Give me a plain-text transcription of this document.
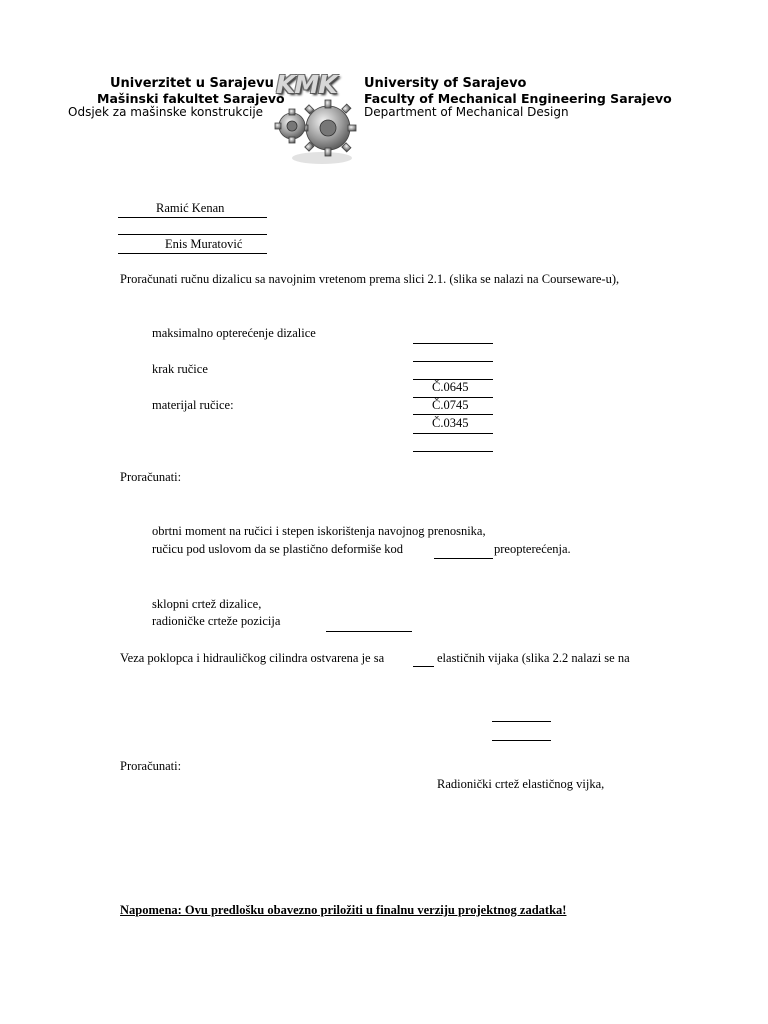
Univerzitet u Sarajevu
Mašinski fakultet Sarajevo
Odsjek za mašinske konstrukcije
KMK University of Sarajevo
Faculty of Mechanical Engineering Sarajevo
Department of Mechanical Design
Ramić Kenan
Enis Muratović
Proračunati ručnu dizalicu sa navojnim vretenom prema slici 2.1. (slika se nalazi na Courseware-u),
maksimalno opterećenje dizalice
krak ručice
Č.0645
materijal ručice:	Č.0745
Č.0345
Proračunati:
obrtni moment na ručici i stepen iskorištenja navojnog prenosnika,
ručicu pod uslovom da se plastično deformiše kod	preopterećenja.
sklopni crtež dizalice,
radioničke crteže pozicija
Veza poklopca i hidrauličkog cilindra ostvarena je sa	elastičnih vijaka (slika 2.2 nalazi se na
Proračunati:
Radionički crtež elastičnog vijka,
Napomena: Ovu predlošku obavezno priložiti u finalnu verziju projektnog zadatka!
